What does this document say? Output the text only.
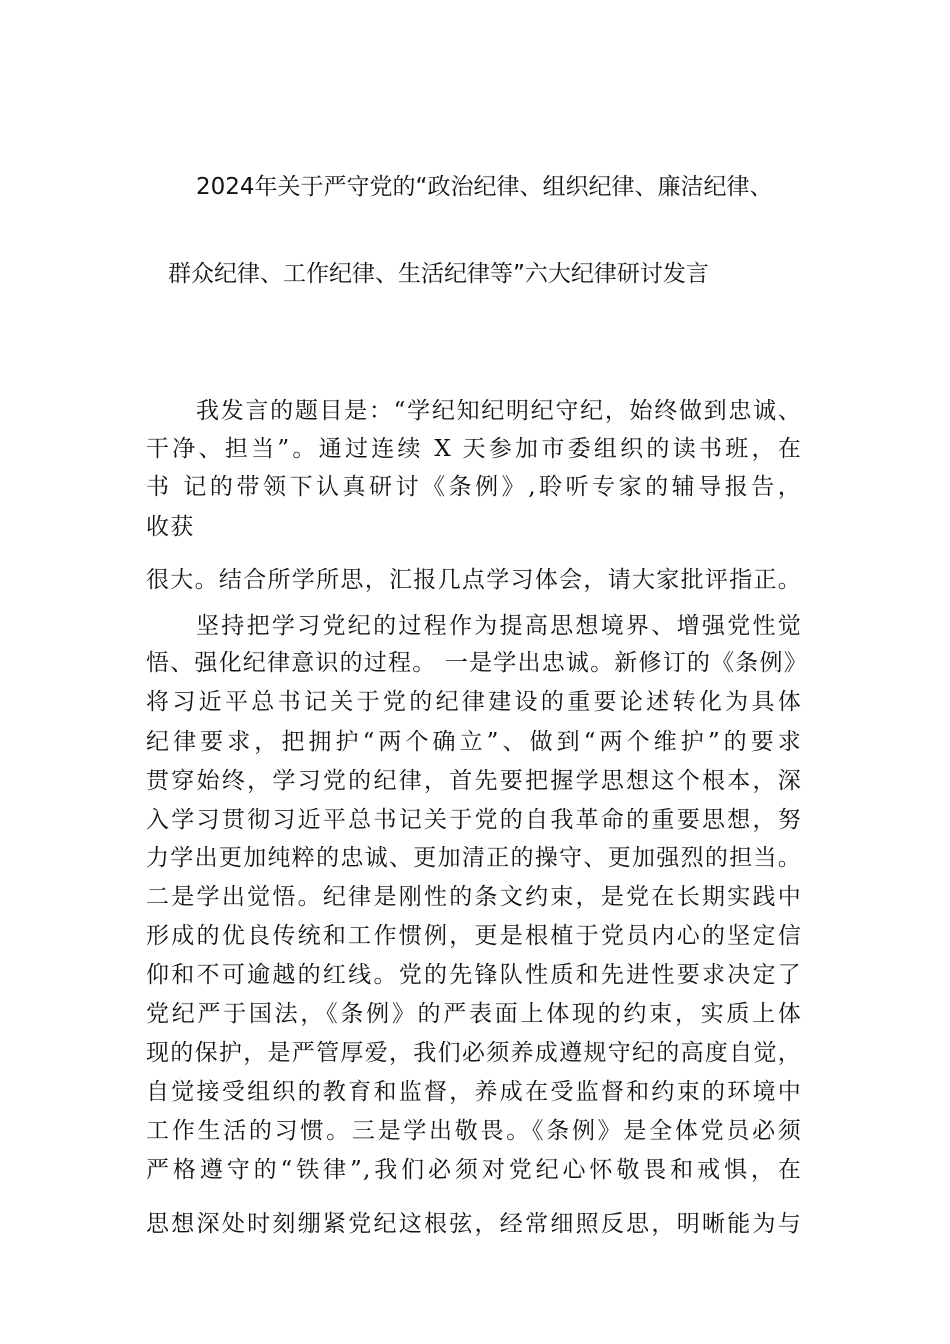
2024年关于严守党的“政治纪律、组织纪律、廉洁纪律、
群众纪律、工作纪律、生活纪律等”六大纪律研讨发言
我发言的题目是：“学纪知纪明纪守纪，始终做到忠诚、
干净、担当”。通过连续 X 天参加市委组织的读书班，在
书 记的带领下认真研讨《条例》,聆听专家的辅导报告，
收获
很大。结合所学所思，汇报几点学习体会，请大家批评指正。
坚持把学习党纪的过程作为提高思想境界、增强党性觉
悟、强化纪律意识的过程。 一是学出忠诚。新修订的《条例》
将习近平总书记关于党的纪律建设的重要论述转化为具体
纪律要求，把拥护“两个确立”、做到“两个维护”的要求
贯穿始终，学习党的纪律，首先要把握学思想这个根本，深
入学习贯彻习近平总书记关于党的自我革命的重要思想，努
力学出更加纯粹的忠诚、更加清正的操守、更加强烈的担当。
二是学出觉悟。纪律是刚性的条文约束，是党在长期实践中
形成的优良传统和工作惯例，更是根植于党员内心的坚定信
仰和不可逾越的红线。党的先锋队性质和先进性要求决定了
党纪严于国法，《条例》的严表面上体现的约束，实质上体
现的保护，是严管厚爱，我们必须养成遵规守纪的高度自觉，
自觉接受组织的教育和监督，养成在受监督和约束的环境中
工作生活的习惯。三是学出敬畏。《条例》是全体党员必须
严格遵守的“铁律”,我们必须对党纪心怀敬畏和戒惧，在
思想深处时刻绷紧党纪这根弦，经常细照反思，明晰能为与
